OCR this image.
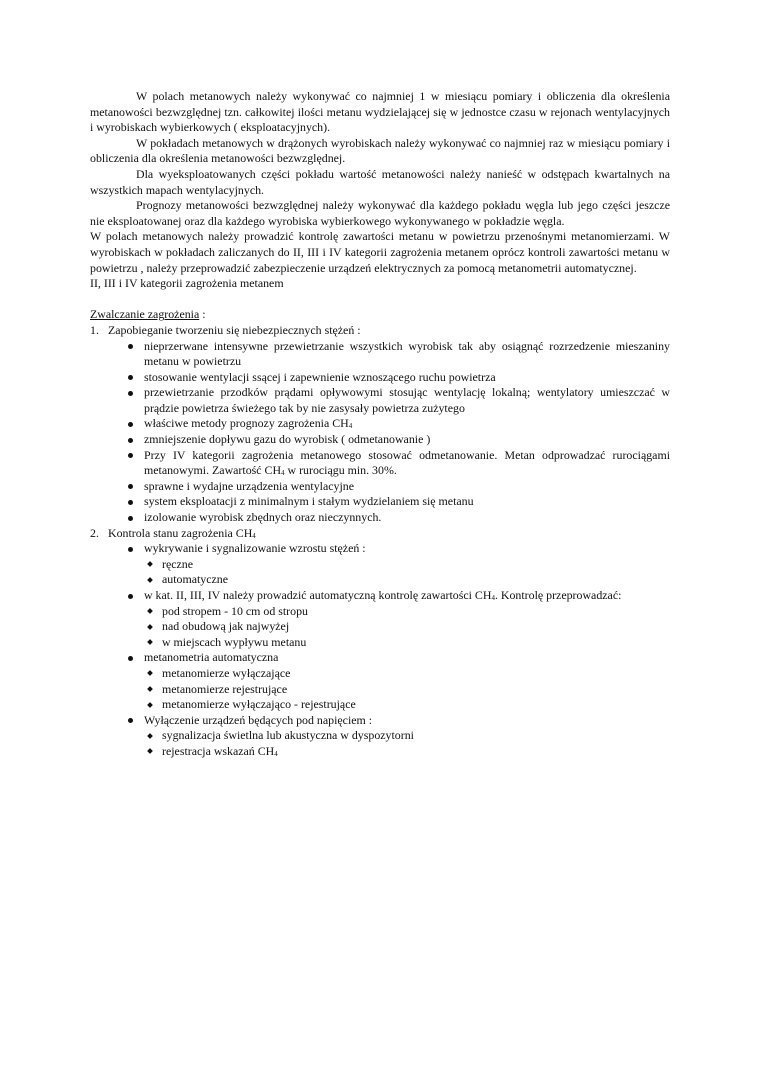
W polach metanowych należy wykonywać co najmniej 1 w miesiącu pomiary i obliczenia dla określenia metanowości bezwzględnej tzn. całkowitej ilości metanu wydzielającej się w jednostce czasu w rejonach wentylacyjnych i wyrobiskach wybierkowych ( eksploatacyjnych).

W pokładach metanowych w drążonych wyrobiskach należy wykonywać co najmniej raz w miesiącu pomiary i obliczenia dla określenia metanowości bezwzględnej.

Dla wyeksploatowanych części pokładu wartość metanowości należy nanieść w odstępach kwartalnych na wszystkich mapach wentylacyjnych.

Prognozy metanowości bezwzględnej należy wykonywać dla każdego pokładu węgla lub jego części jeszcze nie eksploatowanej oraz dla każdego wyrobiska wybierkowego wykonywanego w pokładzie węgla.

W polach metanowych należy prowadzić kontrolę zawartości metanu w powietrzu przenośnymi metanomierzami. W wyrobiskach w pokładach zaliczanych do II, III i IV kategorii zagrożenia metanem oprócz kontroli zawartości metanu w powietrzu , należy przeprowadzić zabezpieczenie urządzeń elektrycznych za pomocą metanometrii automatycznej.

II, III i IV kategorii zagrożenia metanem

Zwalczanie zagrożenia :

1. Zapobieganie tworzeniu się niebezpiecznych stężeń :
nieprzerwane intensywne przewietrzanie wszystkich wyrobisk tak aby osiągnąć rozrzedzenie mieszaniny metanu w powietrzu
stosowanie wentylacji ssącej i zapewnienie wznoszącego ruchu powietrza
przewietrzanie przodków prądami opływowymi stosując wentylację lokalną; wentylatory umieszczać w prądzie powietrza świeżego tak by nie zasysały powietrza zużytego
właściwe metody prognozy zagrożenia $CH_4$
zmniejszenie dopływu gazu do wyrobisk ( odmetanowanie )
Przy IV kategorii zagrożenia metanowego stosować odmetanowanie. Metan odprowadzać rurociągami metanowymi. Zawartość $CH_4$ w rurociągu min. 30%.
sprawne i wydajne urządzenia wentylacyjne
system eksploatacji z minimalnym i stałym wydzielaniem się metanu
izolowanie wyrobisk zbędnych oraz nieczynnych.
2. Kontrola stanu zagrożenia $CH_4$
wykrywanie i sygnalizowanie wzrostu stężeń :
ręczne
automatyczne
w kat. II, III, IV należy prowadzić automatyczną kontrolę zawartości $CH_4$. Kontrolę przeprowadzać:
pod stropem - 10 cm od stropu
nad obudową jak najwyżej
w miejscach wypływu metanu
metanometria automatyczna
metanomierze wyłączające
metanomierze rejestrujące
metanomierze wyłączająco - rejestrujące
Wyłączenie urządzeń będących pod napięciem :
sygnalizacja świetlna lub akustyczna w dyspozytorni
rejestracja wskazań $CH_4$
